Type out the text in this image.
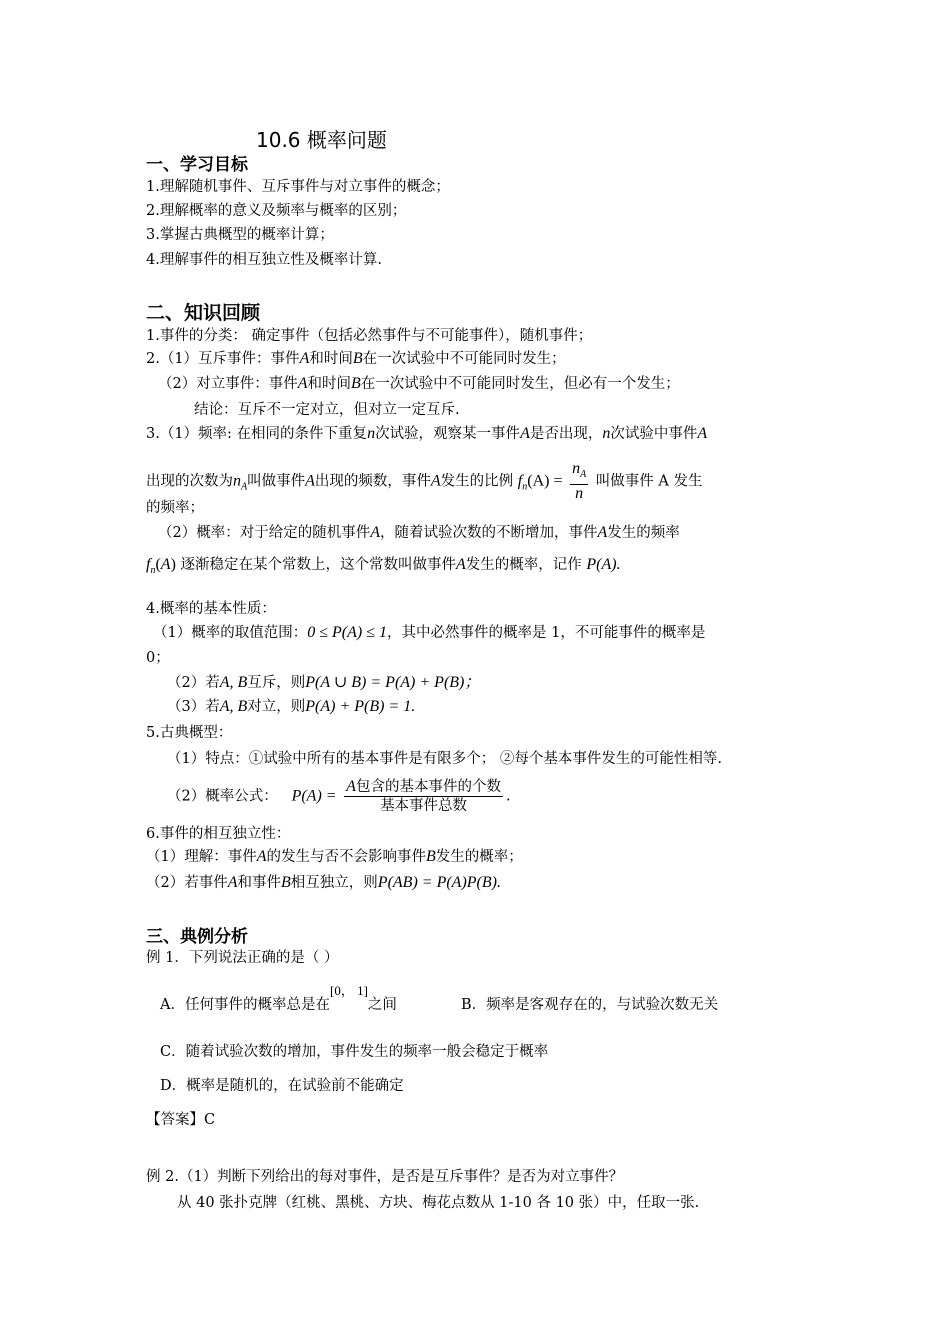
10.6 概率问题
一、学习目标
1.理解随机事件、互斥事件与对立事件的概念；
2.理解概率的意义及频率与概率的区别；
3.掌握古典概型的概率计算；
4.理解事件的相互独立性及概率计算.
二、知识回顾
1.事件的分类： 确定事件（包括必然事件与不可能事件），随机事件；
2.（1）互斥事件：事件A和时间B在一次试验中不可能同时发生；
（2）对立事件：事件A和时间B在一次试验中不可能同时发生，但必有一个发生；
结论：互斥不一定对立，但对立一定互斥.
3.（1）频率: 在相同的条件下重复n次试验，观察某一事件A是否出现，n次试验中事件A
出现的次数为$n_A$叫做事件A出现的频数，事件A发生的比例 $f_n(A) = \frac{n_A}{n}$ 叫做事件 A 发生
的频率；
（2）概率：对于给定的随机事件A，随着试验次数的不断增加，事件A发生的频率
$f_n(A)$ 逐渐稳定在某个常数上，这个常数叫做事件A发生的概率，记作 P(A).
4.概率的基本性质：
（1）概率的取值范围：0 ≤ P(A) ≤ 1，其中必然事件的概率是 1，不可能事件的概率是
0；
（2）若A, B互斥，则P(A ∪ B) = P(A) + P(B)；
（3）若A, B对立，则P(A) + P(B) = 1.
5.古典概型：
（1）特点：①试验中所有的基本事件是有限多个； ②每个基本事件发生的可能性相等.
（2）概率公式： $P(A) = \frac{\text{A包含的基本事件的个数}}{\text{基本事件总数}}$ .
6.事件的相互独立性：
（1）理解：事件A的发生与否不会影响事件B发生的概率；
（2）若事件A和事件B相互独立，则P(AB) = P(A)P(B).
三、典例分析
例 1．下列说法正确的是（ ）
A．任何事件的概率总是在[0， 1]之间	B．频率是客观存在的，与试验次数无关
C．随着试验次数的增加，事件发生的频率一般会稳定于概率
D．概率是随机的，在试验前不能确定
【答案】C
例 2.（1）判断下列给出的每对事件，是否是互斥事件？是否为对立事件？
从 40 张扑克牌（红桃、黑桃、方块、梅花点数从 1-10 各 10 张）中，任取一张.
